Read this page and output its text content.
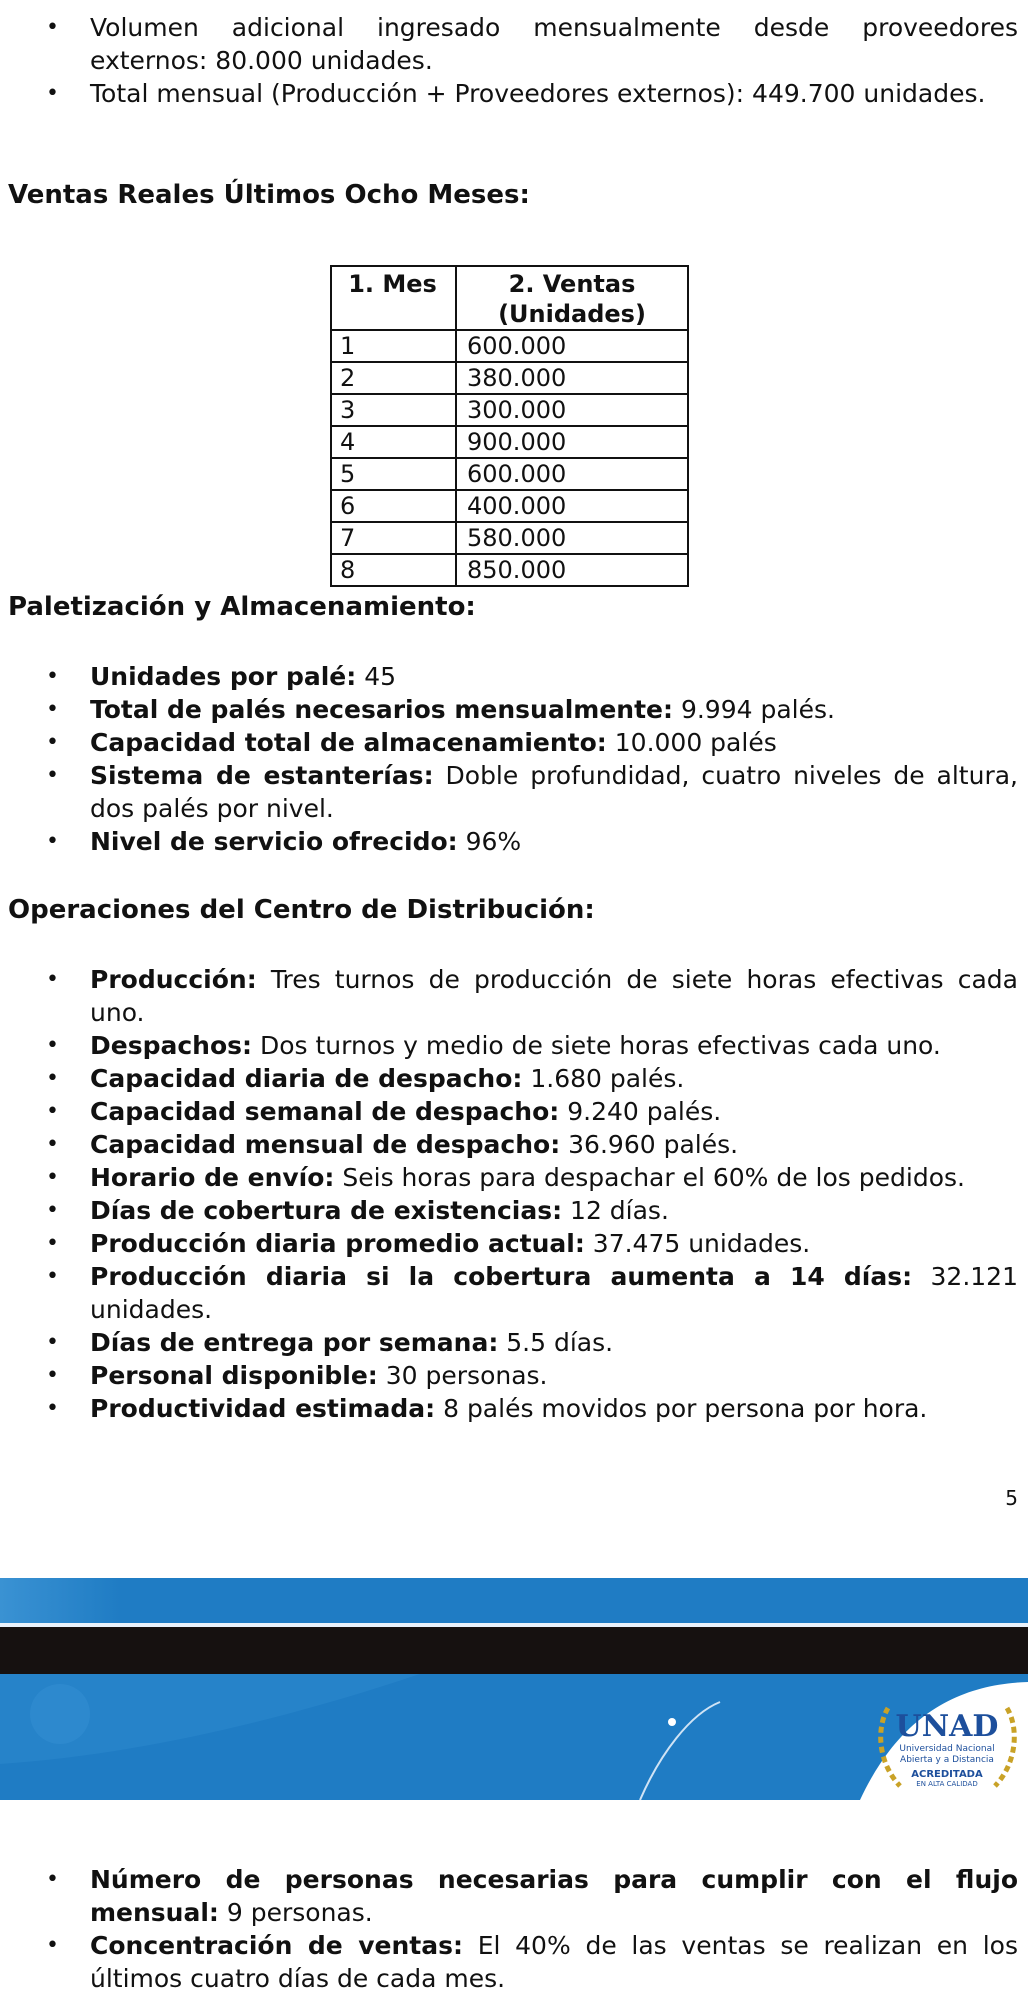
• Volumen adicional ingresado mensualmente desde proveedores externos: 80.000 unidades.
• Total mensual (Producción + Proveedores externos): 449.700 unidades.
Ventas Reales Últimos Ocho Meses:
1. Mes	2. Ventas (Unidades)
1	600.000
2	380.000
3	300.000
4	900.000
5	600.000
6	400.000
7	580.000
8	850.000
Paletización y Almacenamiento:
• Unidades por palé: 45
• Total de palés necesarios mensualmente: 9.994 palés.
• Capacidad total de almacenamiento: 10.000 palés
• Sistema de estanterías: Doble profundidad, cuatro niveles de altura, dos palés por nivel.
• Nivel de servicio ofrecido: 96%
Operaciones del Centro de Distribución:
• Producción: Tres turnos de producción de siete horas efectivas cada uno.
• Despachos: Dos turnos y medio de siete horas efectivas cada uno.
• Capacidad diaria de despacho: 1.680 palés.
• Capacidad semanal de despacho: 9.240 palés.
• Capacidad mensual de despacho: 36.960 palés.
• Horario de envío: Seis horas para despachar el 60% de los pedidos.
• Días de cobertura de existencias: 12 días.
• Producción diaria promedio actual: 37.475 unidades.
• Producción diaria si la cobertura aumenta a 14 días: 32.121 unidades.
• Días de entrega por semana: 5.5 días.
• Personal disponible: 30 personas.
• Productividad estimada: 8 palés movidos por persona por hora.
5
UNAD
Universidad Nacional
Abierta y a Distancia
ACREDITADA
EN ALTA CALIDAD
• Número de personas necesarias para cumplir con el flujo mensual: 9 personas.
• Concentración de ventas: El 40% de las ventas se realizan en los últimos cuatro días de cada mes.
